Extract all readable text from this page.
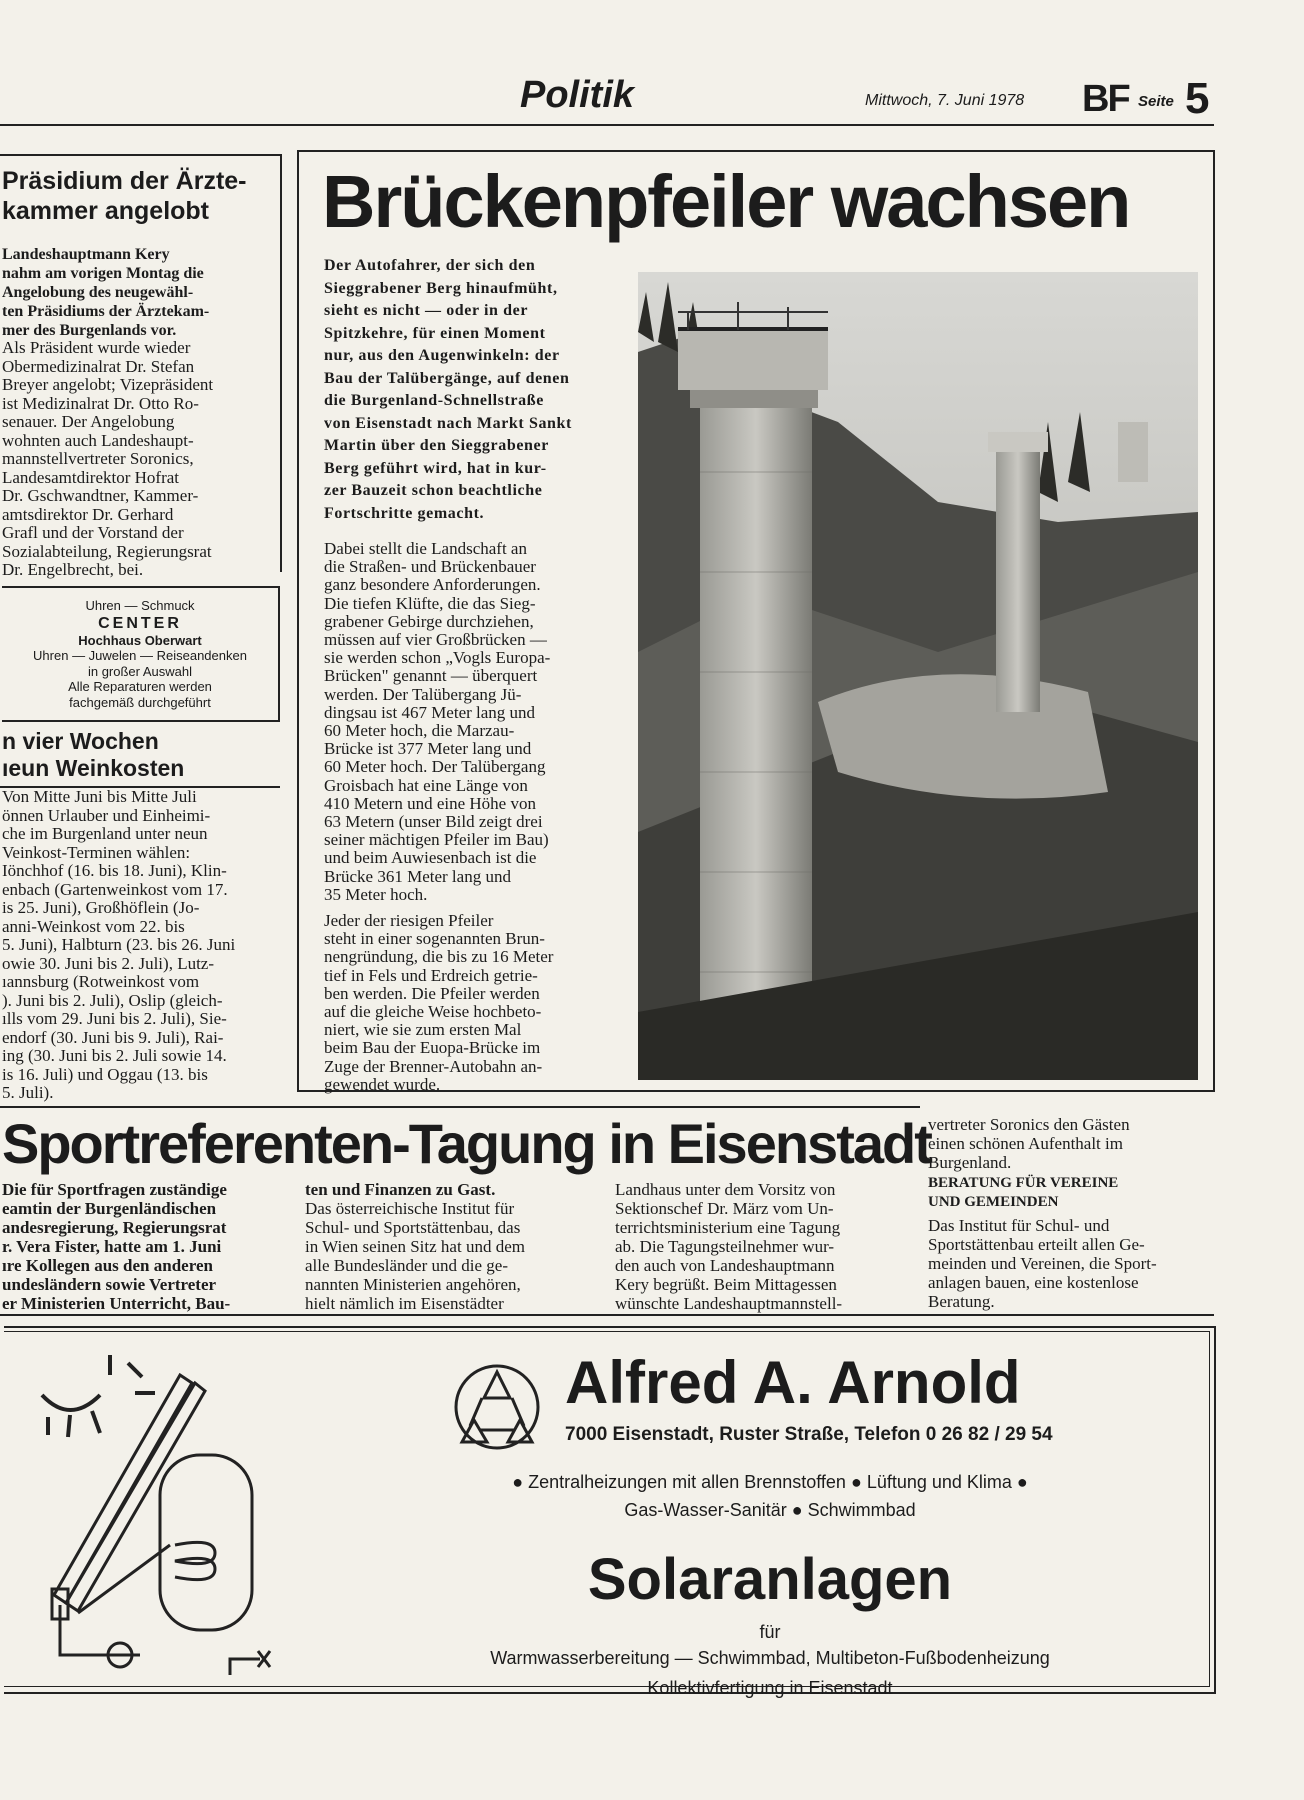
Politik	Mittwoch, 7. Juni 1978 BF Seite 5
Präsidium der Ärzte-
kammer angelobt
Landeshauptmann Kery
nahm am vorigen Montag die
Angelobung des neugewähl-
ten Präsidiums der Ärztekam-
mer des Burgenlands vor.
Als Präsident wurde wieder
Obermedizinalrat Dr. Stefan
Breyer angelobt; Vizepräsident
ist Medizinalrat Dr. Otto Ro-
senauer. Der Angelobung
wohnten auch Landeshaupt-
mannstellvertreter Soronics,
Landesamtdirektor Hofrat
Dr. Gschwandtner, Kammer-
amtsdirektor Dr. Gerhard
Grafl und der Vorstand der
Sozialabteilung, Regierungsrat
Dr. Engelbrecht, bei.
Uhren — Schmuck
CENTER
Hochhaus Oberwart
Uhren — Juwelen — Reiseandenken
in großer Auswahl
Alle Reparaturen werden
fachgemäß durchgeführt
n vier Wochen
ıeun Weinkosten
Von Mitte Juni bis Mitte Juli
önnen Urlauber und Einheimi-
che im Burgenland unter neun
Veinkost-Terminen wählen:
Iönchhof (16. bis 18. Juni), Klin-
enbach (Gartenweinkost vom 17.
is 25. Juni), Großhöflein (Jo-
anni-Weinkost vom 22. bis
5. Juni), Halbturn (23. bis 26. Juni
owie 30. Juni bis 2. Juli), Lutz-
ıannsburg (Rotweinkost vom
). Juni bis 2. Juli), Oslip (gleich-
ılls vom 29. Juni bis 2. Juli), Sie-
endorf (30. Juni bis 9. Juli), Rai-
ing (30. Juni bis 2. Juli sowie 14.
is 16. Juli) und Oggau (13. bis
5. Juli).
Brückenpfeiler wachsen
Der Autofahrer, der sich den
Sieggrabener Berg hinaufmüht,
sieht es nicht — oder in der
Spitzkehre, für einen Moment
nur, aus den Augenwinkeln: der
Bau der Talübergänge, auf denen
die Burgenland-Schnellstraße
von Eisenstadt nach Markt Sankt
Martin über den Sieggrabener
Berg geführt wird, hat in kur-
zer Bauzeit schon beachtliche
Fortschritte gemacht.
Dabei stellt die Landschaft an
die Straßen- und Brückenbauer
ganz besondere Anforderungen.
Die tiefen Klüfte, die das Sieg-
grabener Gebirge durchziehen,
müssen auf vier Großbrücken —
sie werden schon „Vogls Europa-
Brücken" genannt — überquert
werden. Der Talübergang Jü-
dingsau ist 467 Meter lang und
60 Meter hoch, die Marzau-
Brücke ist 377 Meter lang und
60 Meter hoch. Der Talübergang
Groisbach hat eine Länge von
410 Metern und eine Höhe von
63 Metern (unser Bild zeigt drei
seiner mächtigen Pfeiler im Bau)
und beim Auwiesenbach ist die
Brücke 361 Meter lang und
35 Meter hoch.
Jeder der riesigen Pfeiler
steht in einer sogenannten Brun-
nengründung, die bis zu 16 Meter
tief in Fels und Erdreich getrie-
ben werden. Die Pfeiler werden
auf die gleiche Weise hochbeto-
niert, wie sie zum ersten Mal
beim Bau der Euopa-Brücke im
Zuge der Brenner-Autobahn an-
gewendet wurde.
Sportreferenten-Tagung in Eisenstadt
Die für Sportfragen zuständige
eamtin der Burgenländischen
andesregierung, Regierungsrat
r. Vera Fister, hatte am 1. Juni
ıre Kollegen aus den anderen
undesländern sowie Vertreter
er Ministerien Unterricht, Bau-
ten und Finanzen zu Gast.
Das österreichische Institut für
Schul- und Sportstättenbau, das
in Wien seinen Sitz hat und dem
alle Bundesländer und die ge-
nannten Ministerien angehören,
hielt nämlich im Eisenstädter
Landhaus unter dem Vorsitz von
Sektionschef Dr. März vom Un-
terrichtsministerium eine Tagung
ab. Die Tagungsteilnehmer wur-
den auch von Landeshauptmann
Kery begrüßt. Beim Mittagessen
wünschte Landeshauptmannstell-
vertreter Soronics den Gästen
einen schönen Aufenthalt im
Burgenland.
BERATUNG FÜR VEREINE
UND GEMEINDEN
Das Institut für Schul- und
Sportstättenbau erteilt allen Ge-
meinden und Vereinen, die Sport-
anlagen bauen, eine kostenlose
Beratung.
Alfred A. Arnold
7000 Eisenstadt, Ruster Straße, Telefon 0 26 82 / 29 54
● Zentralheizungen mit allen Brennstoffen ● Lüftung und Klima ●
Gas-Wasser-Sanitär ● Schwimmbad
Solaranlagen
für
Warmwasserbereitung — Schwimmbad, Multibeton-Fußbodenheizung
Kollektivfertigung in Eisenstadt
